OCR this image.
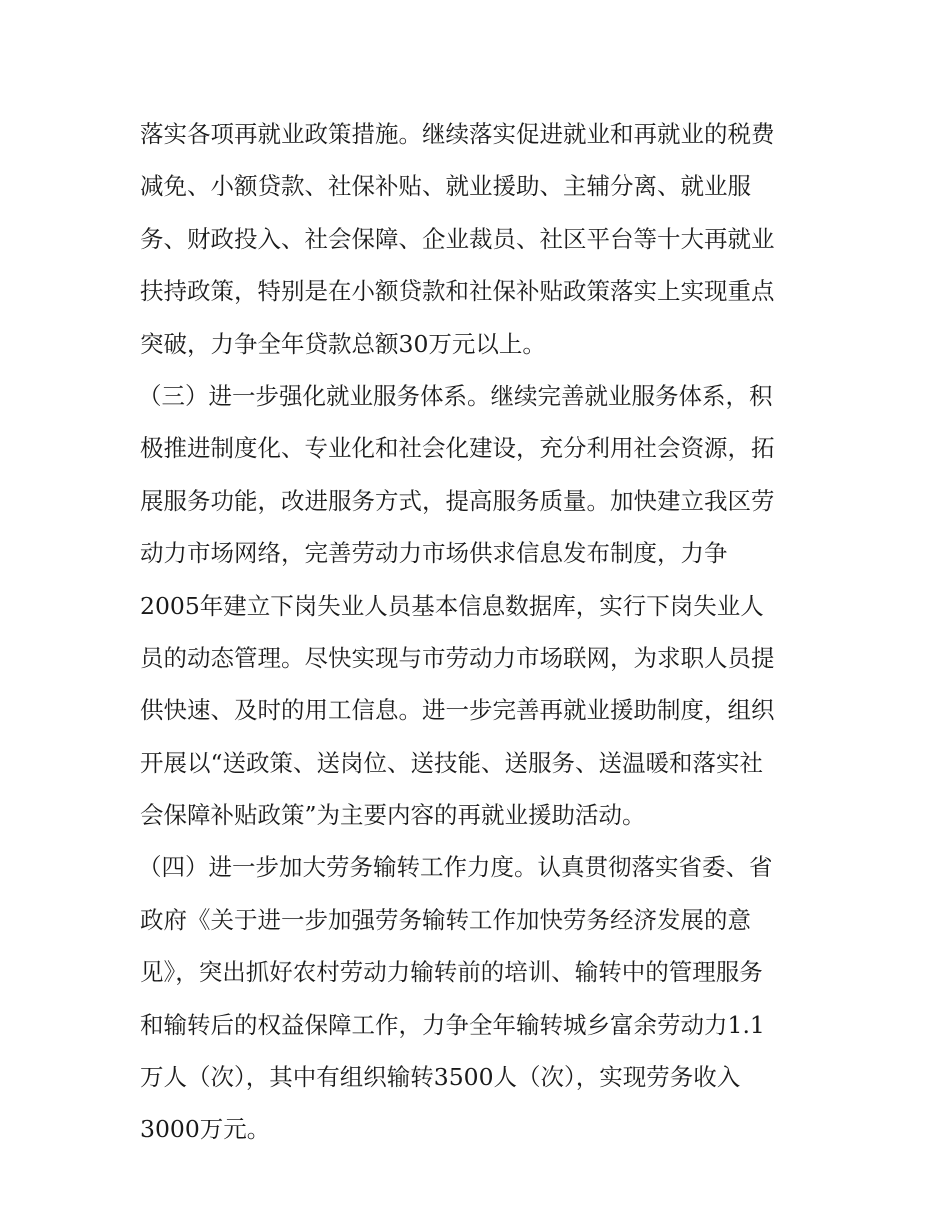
落实各项再就业政策措施。继续落实促进就业和再就业的税费
减免、小额贷款、社保补贴、就业援助、主辅分离、就业服
务、财政投入、社会保障、企业裁员、社区平台等十大再就业
扶持政策，特别是在小额贷款和社保补贴政策落实上实现重点
突破，力争全年贷款总额30万元以上。
（三）进一步强化就业服务体系。继续完善就业服务体系，积
极推进制度化、专业化和社会化建设，充分利用社会资源，拓
展服务功能，改进服务方式，提高服务质量。加快建立我区劳
动力市场网络，完善劳动力市场供求信息发布制度，力争
2005年建立下岗失业人员基本信息数据库，实行下岗失业人
员的动态管理。尽快实现与市劳动力市场联网，为求职人员提
供快速、及时的用工信息。进一步完善再就业援助制度，组织
开展以“送政策、送岗位、送技能、送服务、送温暖和落实社
会保障补贴政策”为主要内容的再就业援助活动。
（四）进一步加大劳务输转工作力度。认真贯彻落实省委、省
政府《关于进一步加强劳务输转工作加快劳务经济发展的意
见》，突出抓好农村劳动力输转前的培训、输转中的管理服务
和输转后的权益保障工作，力争全年输转城乡富余劳动力1.1
万人（次），其中有组织输转3500人（次），实现劳务收入
3000万元。
